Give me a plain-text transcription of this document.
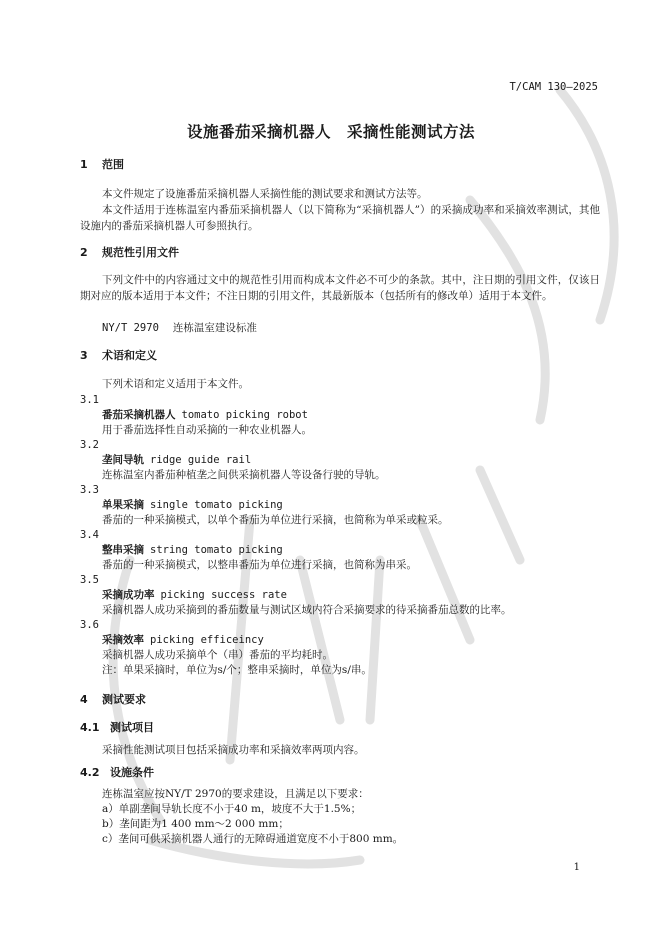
T/CAM 130—2025
设施番茄采摘机器人　采摘性能测试方法
1 范围
本文件规定了设施番茄采摘机器人采摘性能的测试要求和测试方法等。
本文件适用于连栋温室内番茄采摘机器人（以下简称为“采摘机器人”）的采摘成功率和采摘效率测试，其他设施内的番茄采摘机器人可参照执行。
2 规范性引用文件
下列文件中的内容通过文中的规范性引用而构成本文件必不可少的条款。其中，注日期的引用文件，仅该日期对应的版本适用于本文件；不注日期的引用文件，其最新版本（包括所有的修改单）适用于本文件。
NY/T 2970 连栋温室建设标准
3 术语和定义
下列术语和定义适用于本文件。
3.1
番茄采摘机器人 tomato picking robot
用于番茄选择性自动采摘的一种农业机器人。
3.2
垄间导轨 ridge guide rail
连栋温室内番茄种植垄之间供采摘机器人等设备行驶的导轨。
3.3
单果采摘 single tomato picking
番茄的一种采摘模式，以单个番茄为单位进行采摘，也简称为单采或粒采。
3.4
整串采摘 string tomato picking
番茄的一种采摘模式，以整串番茄为单位进行采摘，也简称为串采。
3.5
采摘成功率 picking success rate
采摘机器人成功采摘到的番茄数量与测试区域内符合采摘要求的待采摘番茄总数的比率。
3.6
采摘效率 picking efficeincy
采摘机器人成功采摘单个（串）番茄的平均耗时。
注：单果采摘时，单位为s/个；整串采摘时，单位为s/串。
4 测试要求
4.1 测试项目
采摘性能测试项目包括采摘成功率和采摘效率两项内容。
4.2 设施条件
连栋温室应按NY/T 2970的要求建设，且满足以下要求：
a）单副垄间导轨长度不小于40 m，坡度不大于1.5%；
b）垄间距为1 400 mm～2 000 mm；
c）垄间可供采摘机器人通行的无障碍通道宽度不小于800 mm。
1
